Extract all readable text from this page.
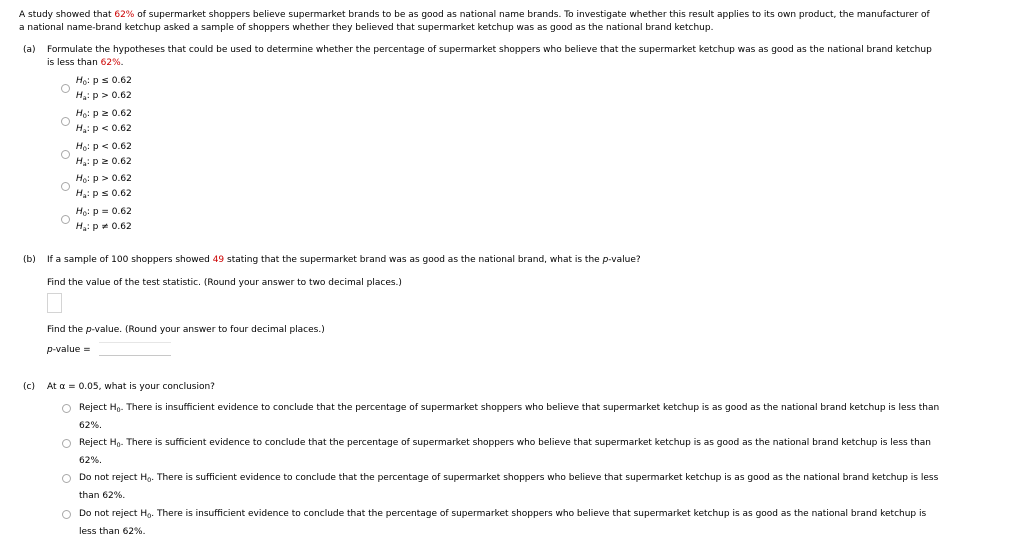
A study showed that 62% of supermarket shoppers believe supermarket brands to be as good as national name brands. To investigate whether this result applies to its own product, the manufacturer of
a national name-brand ketchup asked a sample of shoppers whether they believed that supermarket ketchup was as good as the national brand ketchup.
(a) Formulate the hypotheses that could be used to determine whether the percentage of supermarket shoppers who believe that the supermarket ketchup was as good as the national brand ketchup
is less than 62%.
$H_0$: p ≤ 0.62
$H_a$: p > 0.62
$H_0$: p ≥ 0.62
$H_a$: p < 0.62
$H_0$: p < 0.62
$H_a$: p ≥ 0.62
$H_0$: p > 0.62
$H_a$: p ≤ 0.62
$H_0$: p = 0.62
$H_a$: p ≠ 0.62
(b) If a sample of 100 shoppers showed 49 stating that the supermarket brand was as good as the national brand, what is the p-value?
Find the value of the test statistic. (Round your answer to two decimal places.)
Find the p-value. (Round your answer to four decimal places.)
p-value =
(c) At α = 0.05, what is your conclusion?
Reject $H_0$. There is insufficient evidence to conclude that the percentage of supermarket shoppers who believe that supermarket ketchup is as good as the national brand ketchup is less than
62%.
Reject $H_0$. There is sufficient evidence to conclude that the percentage of supermarket shoppers who believe that supermarket ketchup is as good as the national brand ketchup is less than
62%.
Do not reject $H_0$. There is sufficient evidence to conclude that the percentage of supermarket shoppers who believe that supermarket ketchup is as good as the national brand ketchup is less
than 62%.
Do not reject $H_0$. There is insufficient evidence to conclude that the percentage of supermarket shoppers who believe that supermarket ketchup is as good as the national brand ketchup is
less than 62%.
